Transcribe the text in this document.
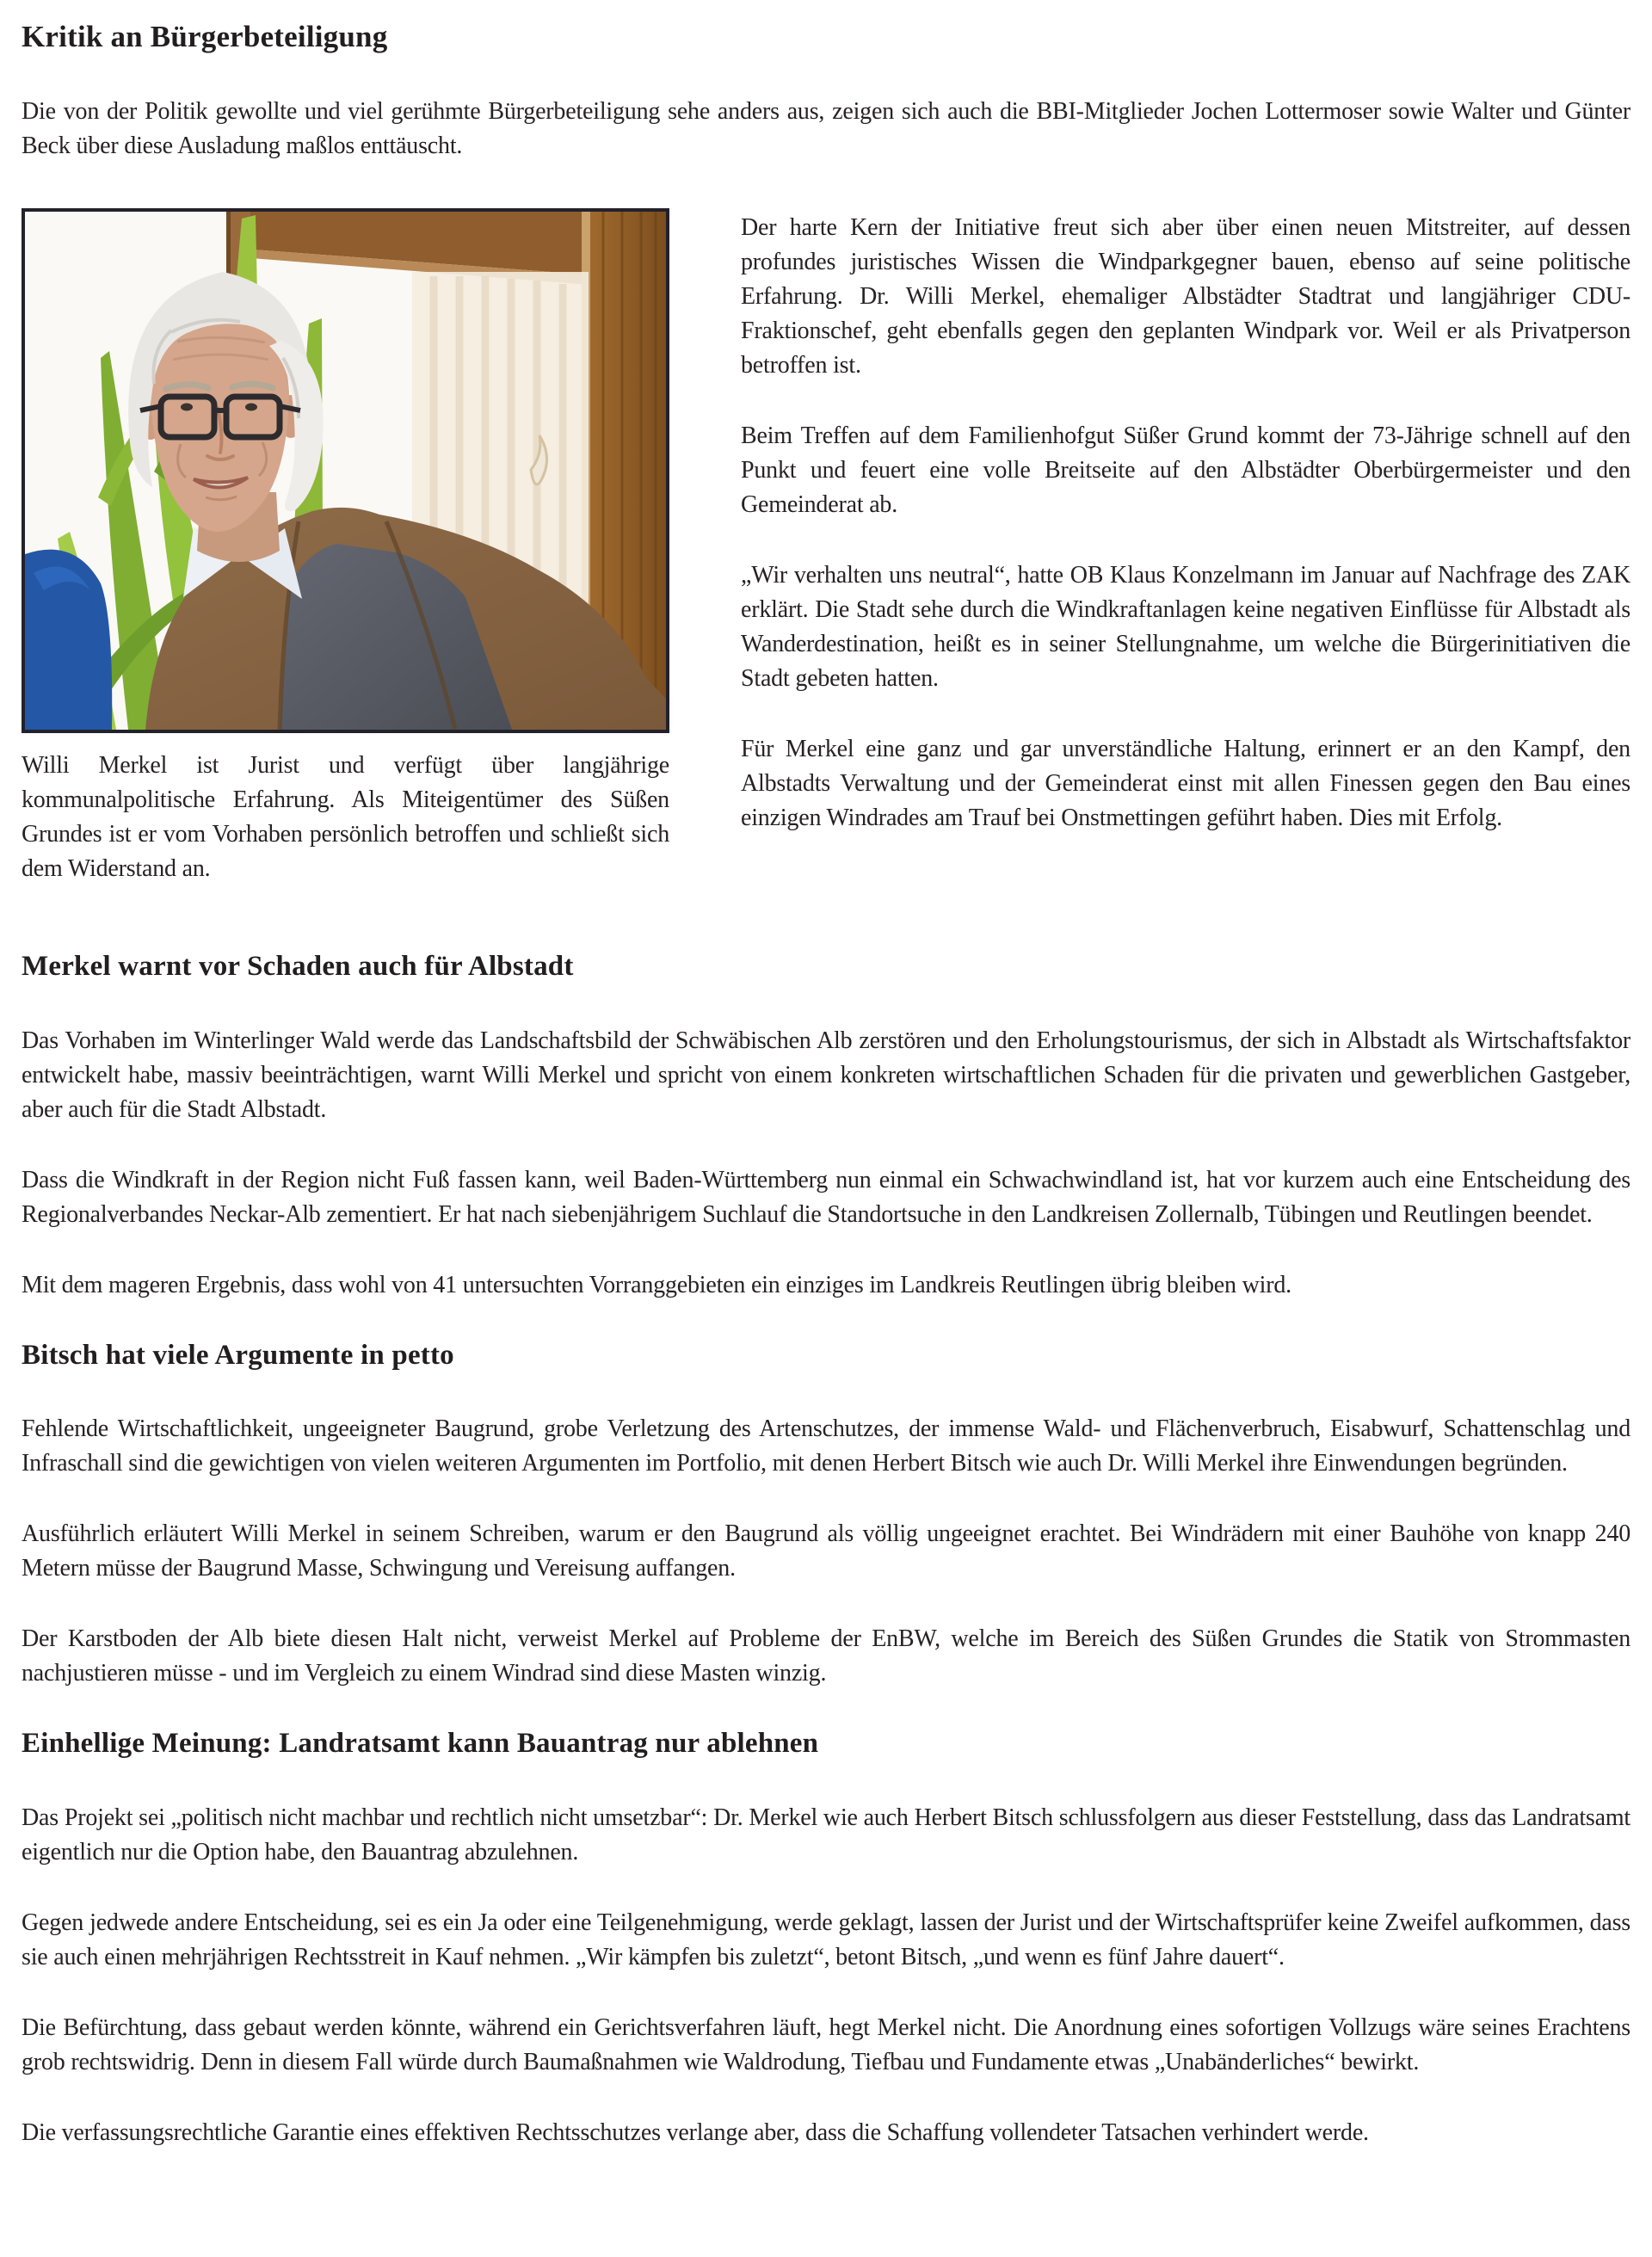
Kritik an Bürgerbeteiligung

Die von der Politik gewollte und viel gerühmte Bürgerbeteiligung sehe anders aus, zeigen sich auch die BBI-Mitglieder Jochen Lottermoser sowie Walter und Günter Beck über diese Ausladung maßlos enttäuscht.

Willi Merkel ist Jurist und verfügt über langjährige kommunalpolitische Erfahrung. Als Miteigentümer des Süßen Grundes ist er vom Vorhaben persönlich betroffen und schließt sich dem Widerstand an.

Der harte Kern der Initiative freut sich aber über einen neuen Mitstreiter, auf dessen profundes juristisches Wissen die Windparkgegner bauen, ebenso auf seine politische Erfahrung. Dr. Willi Merkel, ehemaliger Albstädter Stadtrat und langjähriger CDU-Fraktionschef, geht ebenfalls gegen den geplanten Windpark vor. Weil er als Privatperson betroffen ist.

Beim Treffen auf dem Familienhofgut Süßer Grund kommt der 73-Jährige schnell auf den Punkt und feuert eine volle Breitseite auf den Albstädter Oberbürgermeister und den Gemeinderat ab.

„Wir verhalten uns neutral“, hatte OB Klaus Konzelmann im Januar auf Nachfrage des ZAK erklärt. Die Stadt sehe durch die Windkraftanlagen keine negativen Einflüsse für Albstadt als Wanderdestination, heißt es in seiner Stellungnahme, um welche die Bürgerinitiativen die Stadt gebeten hatten.

Für Merkel eine ganz und gar unverständliche Haltung, erinnert er an den Kampf, den Albstadts Verwaltung und der Gemeinderat einst mit allen Finessen gegen den Bau eines einzigen Windrades am Trauf bei Onstmettingen geführt haben. Dies mit Erfolg.

Merkel warnt vor Schaden auch für Albstadt

Das Vorhaben im Winterlinger Wald werde das Landschaftsbild der Schwäbischen Alb zerstören und den Erholungstourismus, der sich in Albstadt als Wirtschaftsfaktor entwickelt habe, massiv beeinträchtigen, warnt Willi Merkel und spricht von einem konkreten wirtschaftlichen Schaden für die privaten und gewerblichen Gastgeber, aber auch für die Stadt Albstadt.

Dass die Windkraft in der Region nicht Fuß fassen kann, weil Baden-Württemberg nun einmal ein Schwachwindland ist, hat vor kurzem auch eine Entscheidung des Regionalverbandes Neckar-Alb zementiert. Er hat nach siebenjährigem Suchlauf die Standortsuche in den Landkreisen Zollernalb, Tübingen und Reutlingen beendet.

Mit dem mageren Ergebnis, dass wohl von 41 untersuchten Vorranggebieten ein einziges im Landkreis Reutlingen übrig bleiben wird.

Bitsch hat viele Argumente in petto

Fehlende Wirtschaftlichkeit, ungeeigneter Baugrund, grobe Verletzung des Artenschutzes, der immense Wald- und Flächenverbruch, Eisabwurf, Schattenschlag und Infraschall sind die gewichtigen von vielen weiteren Argumenten im Portfolio, mit denen Herbert Bitsch wie auch Dr. Willi Merkel ihre Einwendungen begründen.

Ausführlich erläutert Willi Merkel in seinem Schreiben, warum er den Baugrund als völlig ungeeignet erachtet. Bei Windrädern mit einer Bauhöhe von knapp 240 Metern müsse der Baugrund Masse, Schwingung und Vereisung auffangen.

Der Karstboden der Alb biete diesen Halt nicht, verweist Merkel auf Probleme der EnBW, welche im Bereich des Süßen Grundes die Statik von Strommasten nachjustieren müsse - und im Vergleich zu einem Windrad sind diese Masten winzig.

Einhellige Meinung: Landratsamt kann Bauantrag nur ablehnen

Das Projekt sei „politisch nicht machbar und rechtlich nicht umsetzbar“: Dr. Merkel wie auch Herbert Bitsch schlussfolgern aus dieser Feststellung, dass das Landratsamt eigentlich nur die Option habe, den Bauantrag abzulehnen.

Gegen jedwede andere Entscheidung, sei es ein Ja oder eine Teilgenehmigung, werde geklagt, lassen der Jurist und der Wirtschaftsprüfer keine Zweifel aufkommen, dass sie auch einen mehrjährigen Rechtsstreit in Kauf nehmen. „Wir kämpfen bis zuletzt“, betont Bitsch, „und wenn es fünf Jahre dauert“.

Die Befürchtung, dass gebaut werden könnte, während ein Gerichtsverfahren läuft, hegt Merkel nicht. Die Anordnung eines sofortigen Vollzugs wäre seines Erachtens grob rechtswidrig. Denn in diesem Fall würde durch Baumaßnahmen wie Waldrodung, Tiefbau und Fundamente etwas „Unabänderliches“ bewirkt.

Die verfassungsrechtliche Garantie eines effektiven Rechtsschutzes verlange aber, dass die Schaffung vollendeter Tatsachen verhindert werde.
